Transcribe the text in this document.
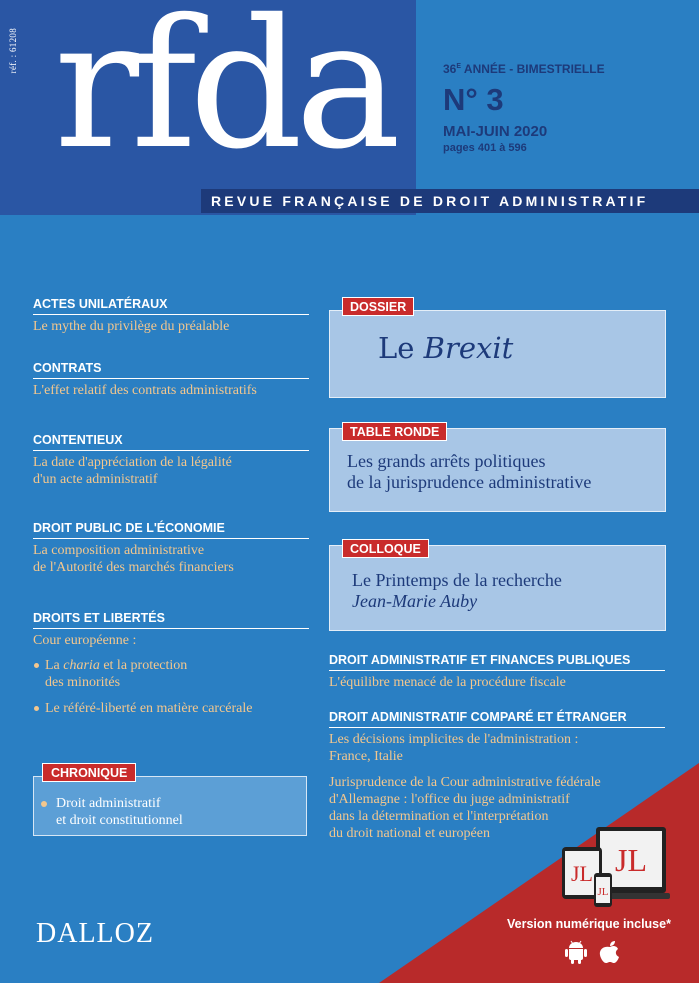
réf. : 61208 rfda	$36^E$ ANNÉE - BIMESTRIELLE
N° 3
MAI-JUIN 2020
pages 401 à 596
REVUE FRANÇAISE DE DROIT ADMINISTRATIF
ACTES UNILATÉRAUX
Le mythe du privilège du préalable
CONTRATS
L'effet relatif des contrats administratifs
CONTENTIEUX
La date d'appréciation de la légalité
d'un acte administratif
DROIT PUBLIC DE L'ÉCONOMIE
La composition administrative
de l'Autorité des marchés financiers
DROITS ET LIBERTÉS
Cour européenne :
La charia et la protection
des minorités
Le référé-liberté en matière carcérale
CHRONIQUE
Droit administratif
et droit constitutionnel
DOSSIER
Le Brexit
TABLE RONDE
Les grands arrêts politiques
de la jurisprudence administrative
COLLOQUE
Le Printemps de la recherche
Jean-Marie Auby
DROIT ADMINISTRATIF ET FINANCES PUBLIQUES
L'équilibre menacé de la procédure fiscale
DROIT ADMINISTRATIF COMPARÉ ET ÉTRANGER
Les décisions implicites de l'administration :
France, Italie
Jurisprudence de la Cour administrative fédérale
d'Allemagne : l'office du juge administratif
dans la détermination et l'interprétation
du droit national et européen
JL
JL
JL
Version numérique incluse*

DALLOZ
